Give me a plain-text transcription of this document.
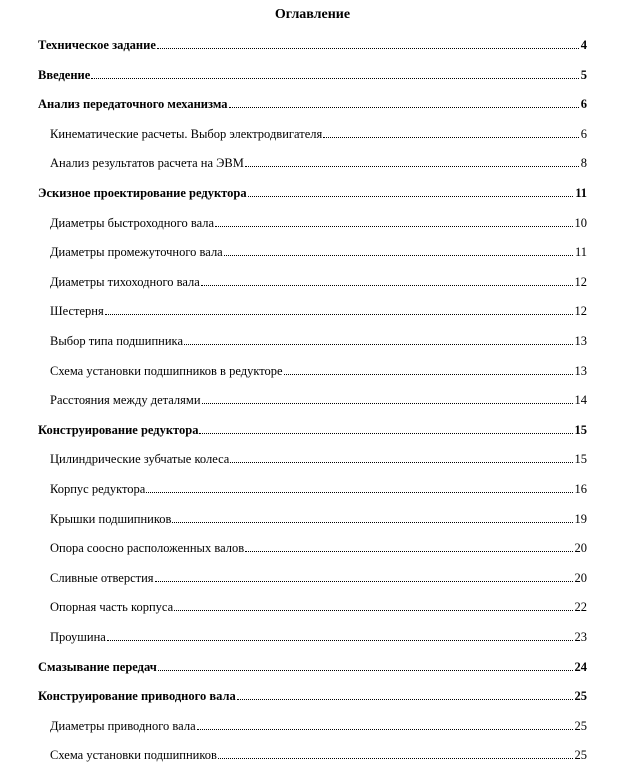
Оглавление
Техническое задание	4
Введение	5
Анализ передаточного механизма	6
Кинематические расчеты. Выбор электродвигателя	6
Анализ результатов расчета на ЭВМ	8
Эскизное проектирование редуктора	11
Диаметры быстроходного вала	10
Диаметры промежуточного вала	11
Диаметры тихоходного вала	12
Шестерня	12
Выбор типа подшипника	13
Схема установки подшипников в редукторе	13
Расстояния между деталями	14
Конструирование редуктора	15
Цилиндрические зубчатые колеса	15
Корпус редуктора	16
Крышки подшипников	19
Опора соосно расположенных валов	20
Сливные отверстия	20
Опорная часть корпуса	22
Проушина	23
Смазывание передач	24
Конструирование приводного вала	25
Диаметры приводного вала	25
Схема установки подшипников	25
